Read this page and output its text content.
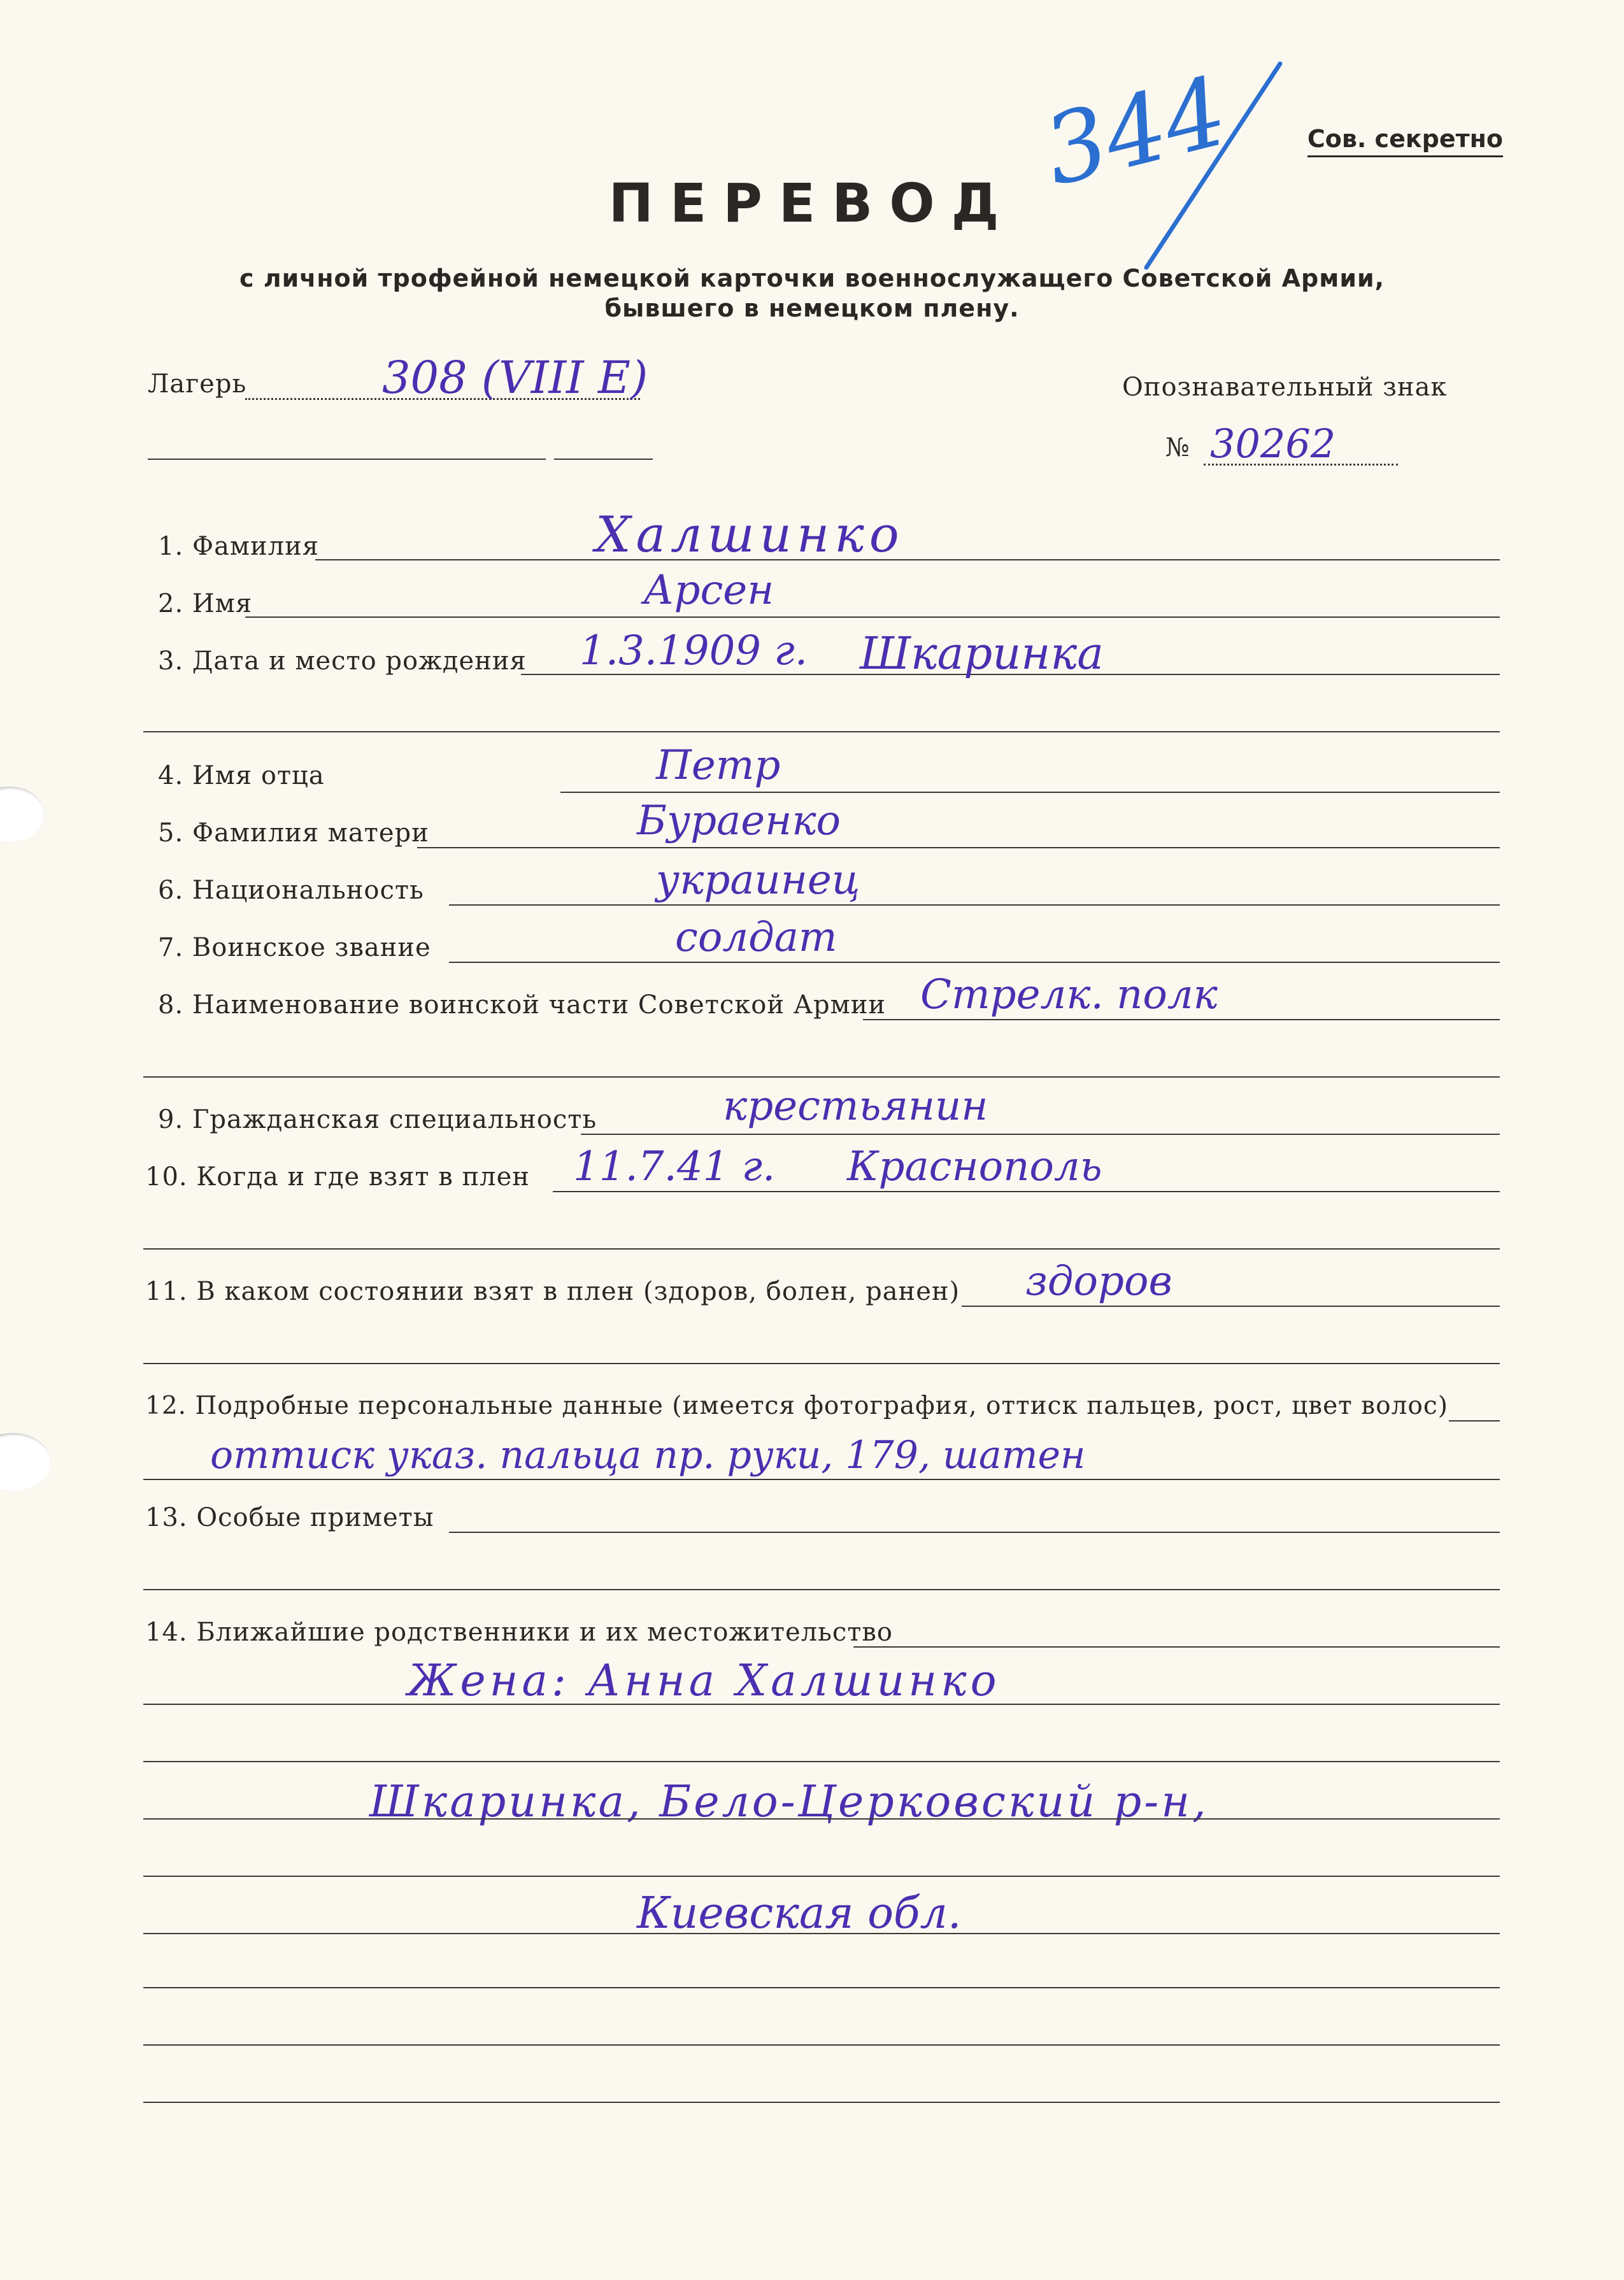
Сов. секретно
344
ПЕРЕВОД
с личной трофейной немецкой карточки военнослужащего Советской Армии,
бывшего в немецком плену.
Лагерь	308 (VIII E)	Опознавательный знак
№ 30262
1. Фамилия	Халшинко
2. Имя	Арсен
3. Дата и место рождения 1.3.1909 г. Шкаринка
4. Имя отца	Петр
5. Фамилия матери	Бураенко
6. Национальность	украинец
7. Воинское звание	солдат
8. Наименование воинской части Советской Армии Стрелк. полк
9. Гражданская специальность	крестьянин
10. Когда и где взят в плен 11.7.41 г. Краснополь
11. В каком состоянии взят в плен (здоров, болен, ранен) здоров
12. Подробные персональные данные (имеется фотография, оттиск пальцев, рост, цвет волос)
оттиск указ. пальца пр. руки, 179, шатен
13. Особые приметы
14. Ближайшие родственники и их местожительство
Жена: Анна Халшинко
Шкаринка, Бело-Церковский р-н,
Киевская обл.
